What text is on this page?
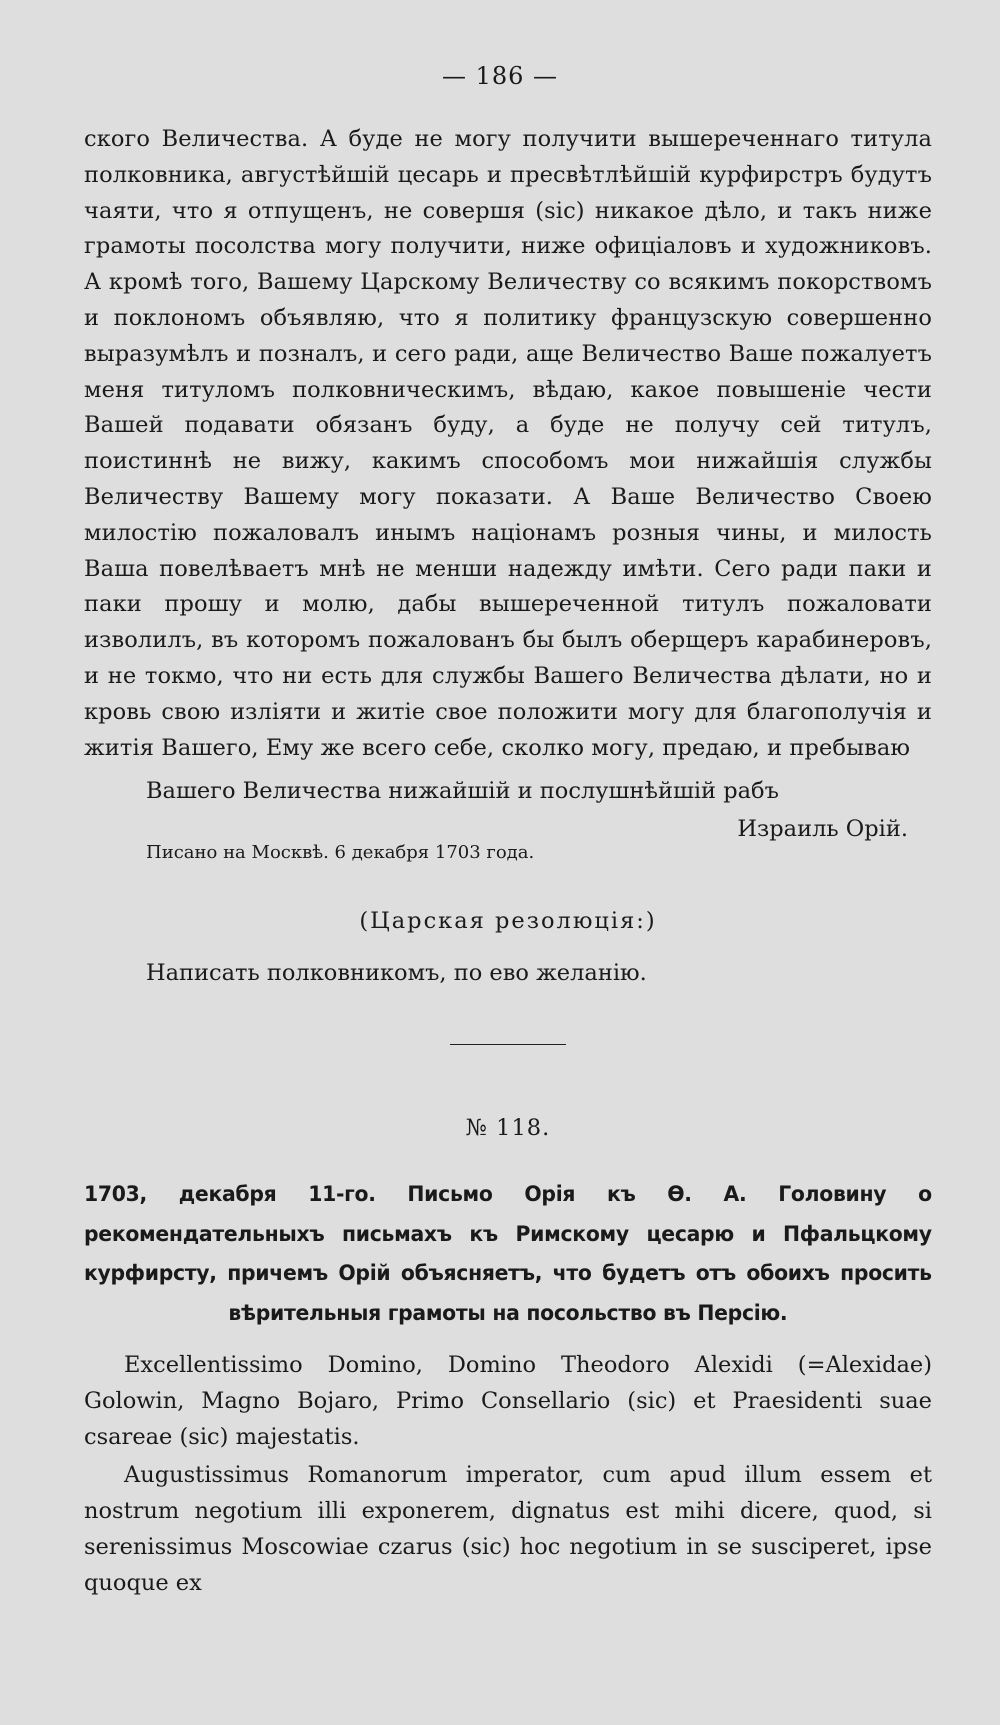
— 186 —

ского Величества. А буде не могу получити вышереченнаго титула полковника, августѣйшій цесарь и пресвѣтлѣйшій курфирстръ будутъ чаяти, что я отпущенъ, не совершя (sic) никакое дѣло, и такъ ниже грамоты посолства могу получити, ниже офиціаловъ и художниковъ. А кромѣ того, Вашему Царскому Величеству со всякимъ покорствомъ и поклономъ объявляю, что я политику французскую совершенно выразумѣлъ и позналъ, и сего ради, аще Величество Ваше пожалуетъ меня титуломъ полковническимъ, вѣдаю, какое повышеніе чести Вашей подавати обязанъ буду, а буде не получу сей титулъ, поистиннѣ не вижу, какимъ способомъ мои нижайшія службы Величеству Вашему могу показати. А Ваше Величество Своею милостію пожаловалъ инымъ націонамъ розныя чины, и милость Ваша повелѣваетъ мнѣ не менши надежду имѣти. Сего ради паки и паки прошу и молю, дабы вышереченной титулъ пожаловати изволилъ, въ которомъ пожалованъ бы былъ оберщеръ карабинеровъ, и не токмо, что ни есть для службы Вашего Величества дѣлати, но и кровь свою изліяти и житіе свое положити могу для благополучія и житія Вашего, Ему же всего себе, сколко могу, предаю, и пребываю

Вашего Величества нижайшій и послушнѣйшій рабъ
Израиль Орій.
Писано на Москвѣ. 6 декабря 1703 года.
(Царская резолюція:)
Написать полковникомъ, по ево желанію.
№ 118.
1703, декабря 11-го. Письмо Орія къ Ѳ. А. Головину о рекомендательныхъ письмахъ къ Римскому цесарю и Пфальцкому курфирсту, причемъ Орій объясняетъ, что будетъ отъ обоихъ просить вѣрительныя грамоты на посольство въ Персію.

Excellentissimo Domino, Domino Theodoro Alexidi (=Alexidae) Golowin, Magno Bojaro, Primo Consellario (sic) et Praesidenti suae csareae (sic) majestatis.

Augustissimus Romanorum imperator, cum apud illum essem et nostrum negotium illi exponerem, dignatus est mihi dicere, quod, si serenissimus Moscowiae czarus (sic) hoc negotium in se susciperet, ipse quoque ex
